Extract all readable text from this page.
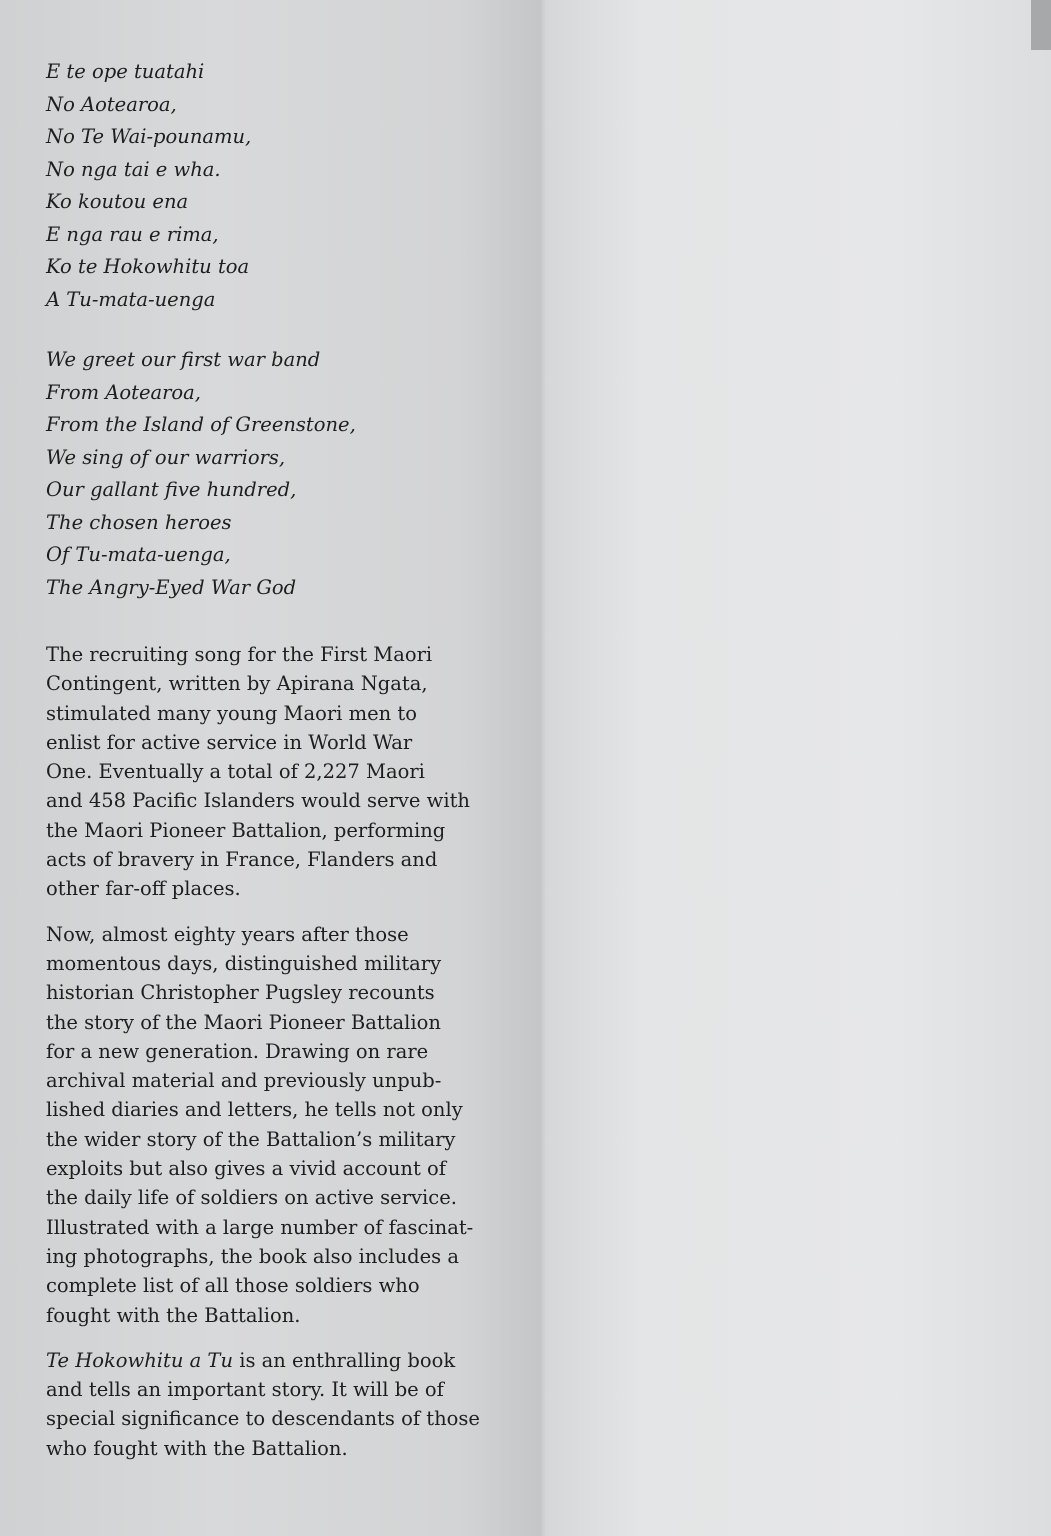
E te ope tuatahi
No Aotearoa,
No Te Wai-pounamu,
No nga tai e wha.
Ko koutou ena
E nga rau e rima,
Ko te Hokowhitu toa
A Tu-mata-uenga
We greet our first war band
From Aotearoa,
From the Island of Greenstone,
We sing of our warriors,
Our gallant five hundred,
The chosen heroes
Of Tu-mata-uenga,
The Angry-Eyed War God

The recruiting song for the First Maori
Contingent, written by Apirana Ngata,
stimulated many young Maori men to
enlist for active service in World War
One. Eventually a total of 2,227 Maori
and 458 Pacific Islanders would serve with
the Maori Pioneer Battalion, performing
acts of bravery in France, Flanders and
other far-off places.

Now, almost eighty years after those
momentous days, distinguished military
historian Christopher Pugsley recounts
the story of the Maori Pioneer Battalion
for a new generation. Drawing on rare
archival material and previously unpub-
lished diaries and letters, he tells not only
the wider story of the Battalion’s military
exploits but also gives a vivid account of
the daily life of soldiers on active service.
Illustrated with a large number of fascinat-
ing photographs, the book also includes a
complete list of all those soldiers who
fought with the Battalion.

Te Hokowhitu a Tu is an enthralling book
and tells an important story. It will be of
special significance to descendants of those
who fought with the Battalion.
